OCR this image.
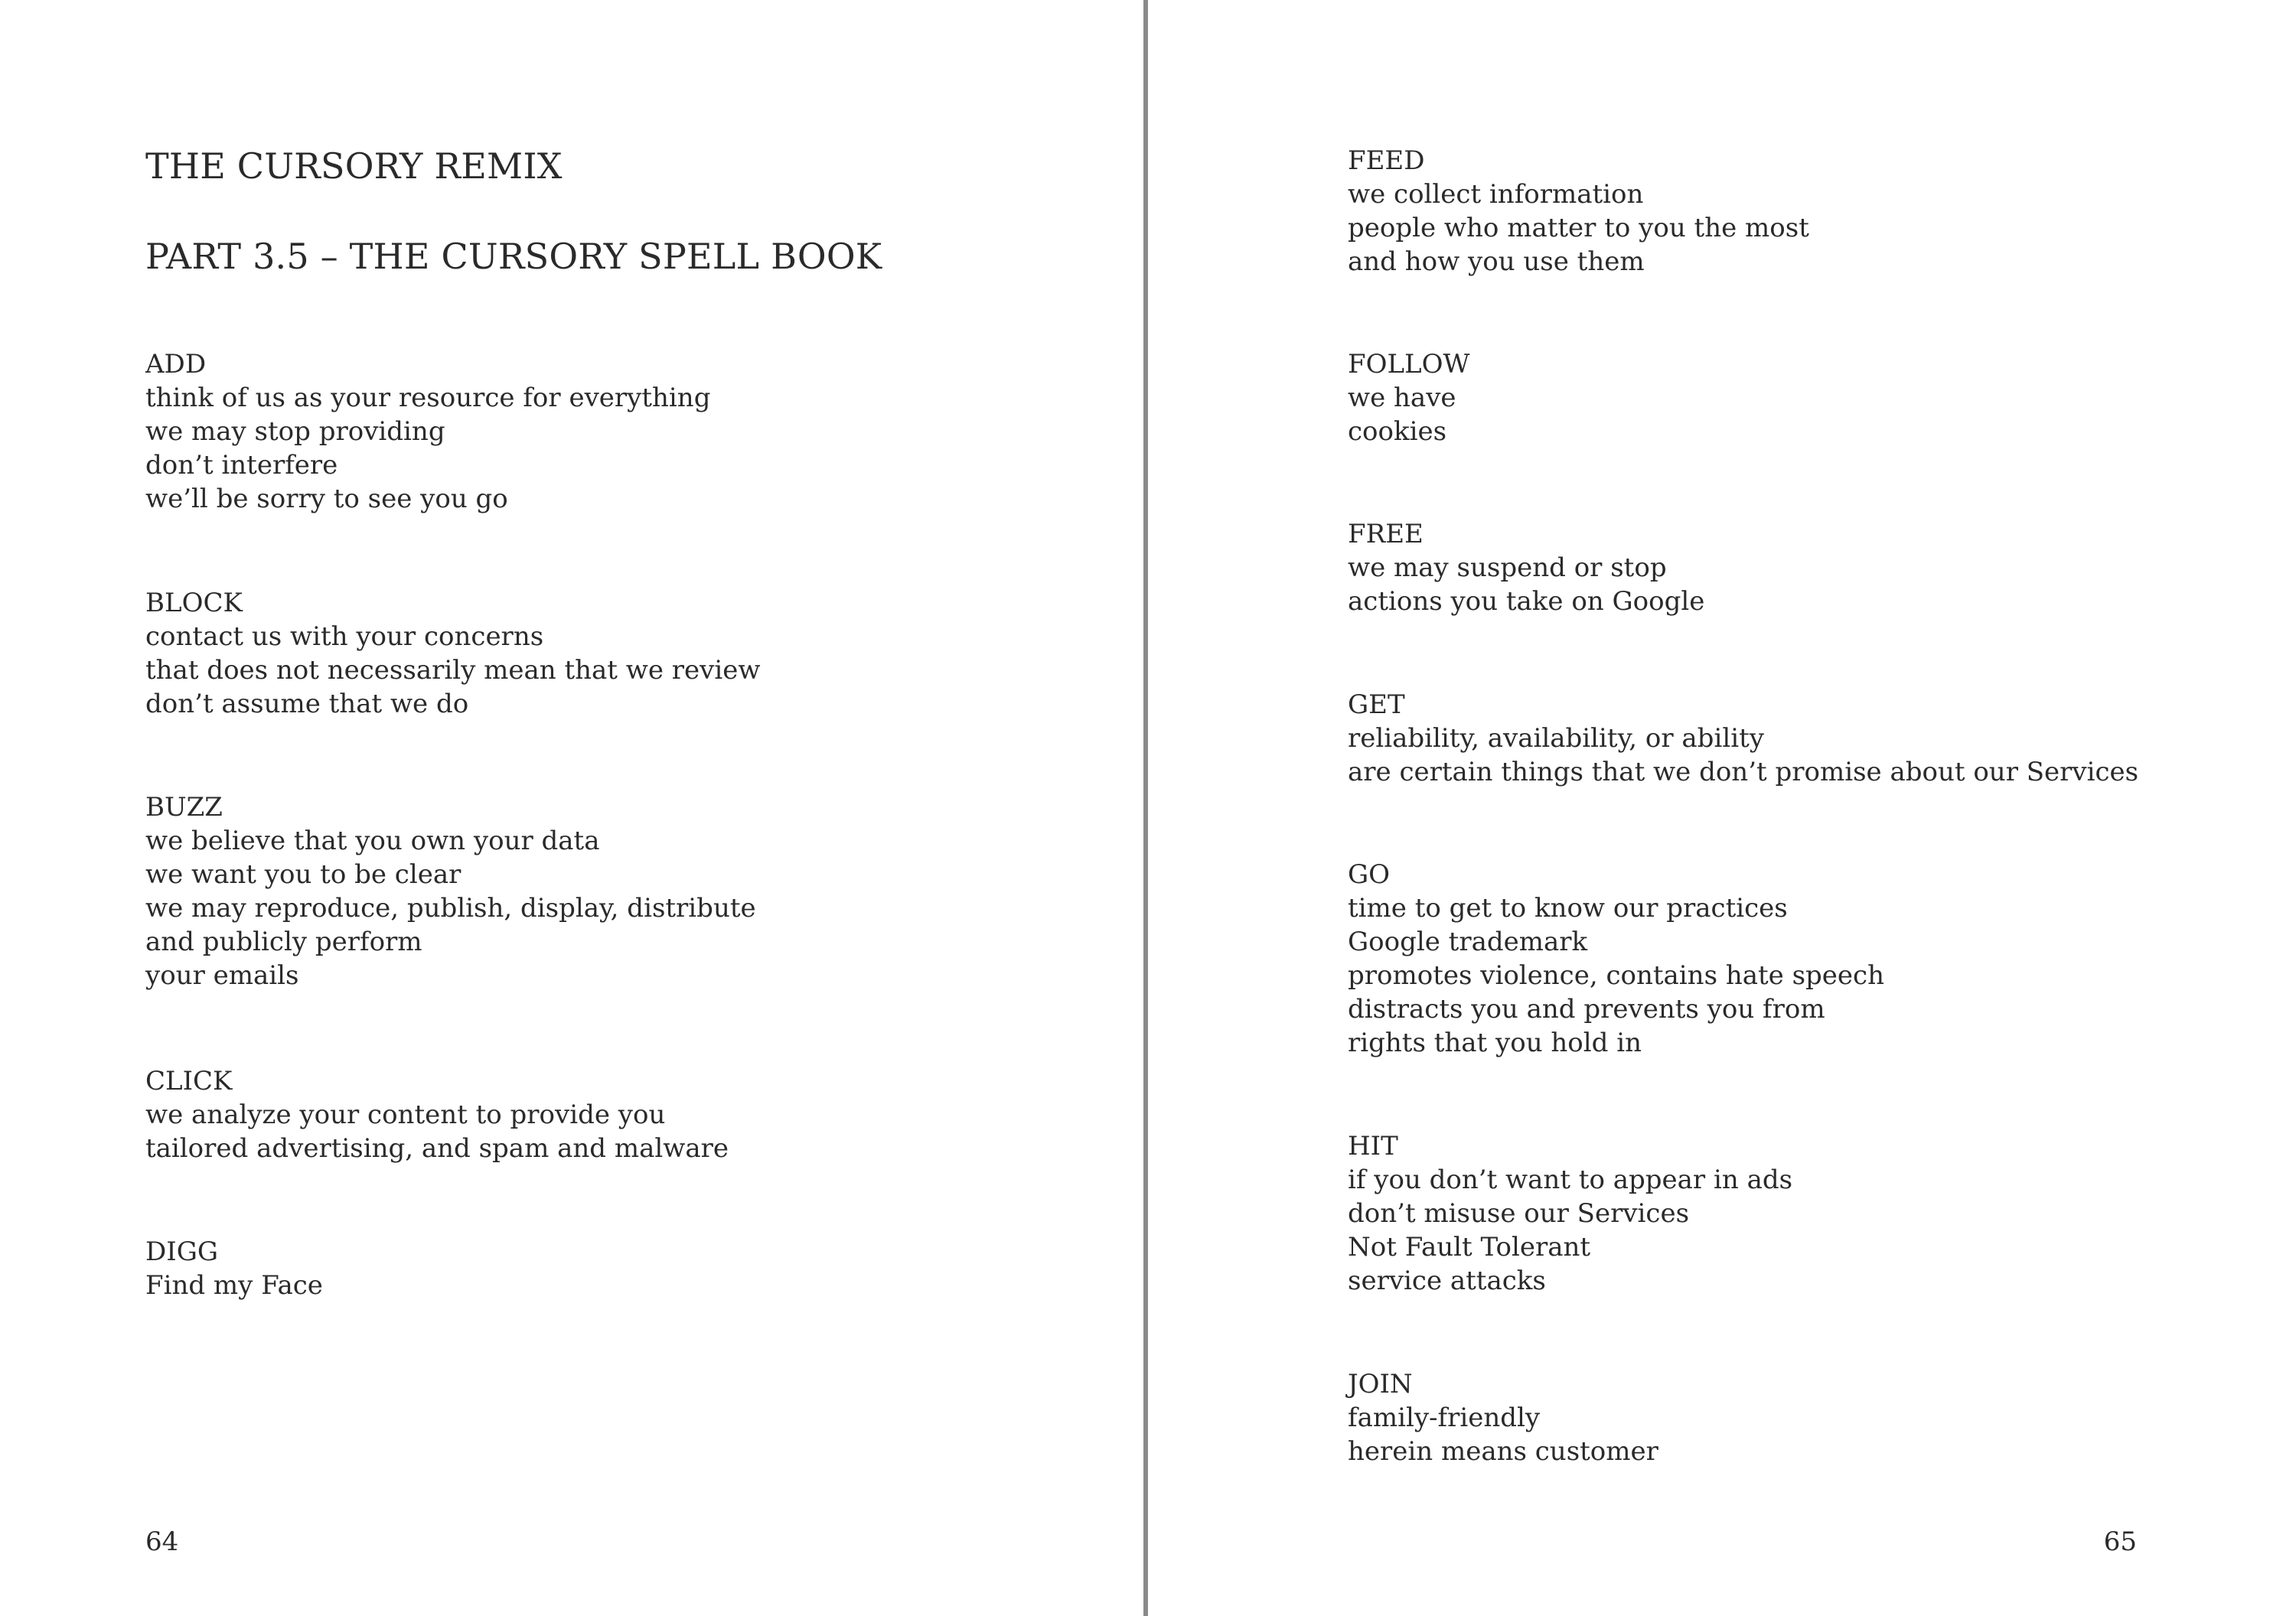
THE CURSORY REMIX
PART 3.5 – THE CURSORY SPELL BOOK
ADD
think of us as your resource for everything
we may stop providing
don’t interfere
we’ll be sorry to see you go
BLOCK
contact us with your concerns
that does not necessarily mean that we review
don’t assume that we do
BUZZ
we believe that you own your data
we want you to be clear
we may reproduce, publish, display, distribute
and publicly perform
your emails
CLICK
we analyze your content to provide you
tailored advertising, and spam and malware
DIGG
Find my Face
64
FEED
we collect information
people who matter to you the most
and how you use them
FOLLOW
we have
cookies
FREE
we may suspend or stop
actions you take on Google
GET
reliability, availability, or ability
are certain things that we don’t promise about our Services
GO
time to get to know our practices
Google trademark
promotes violence, contains hate speech
distracts you and prevents you from
rights that you hold in
HIT
if you don’t want to appear in ads
don’t misuse our Services
Not Fault Tolerant
service attacks
JOIN
family-friendly
herein means customer
65
